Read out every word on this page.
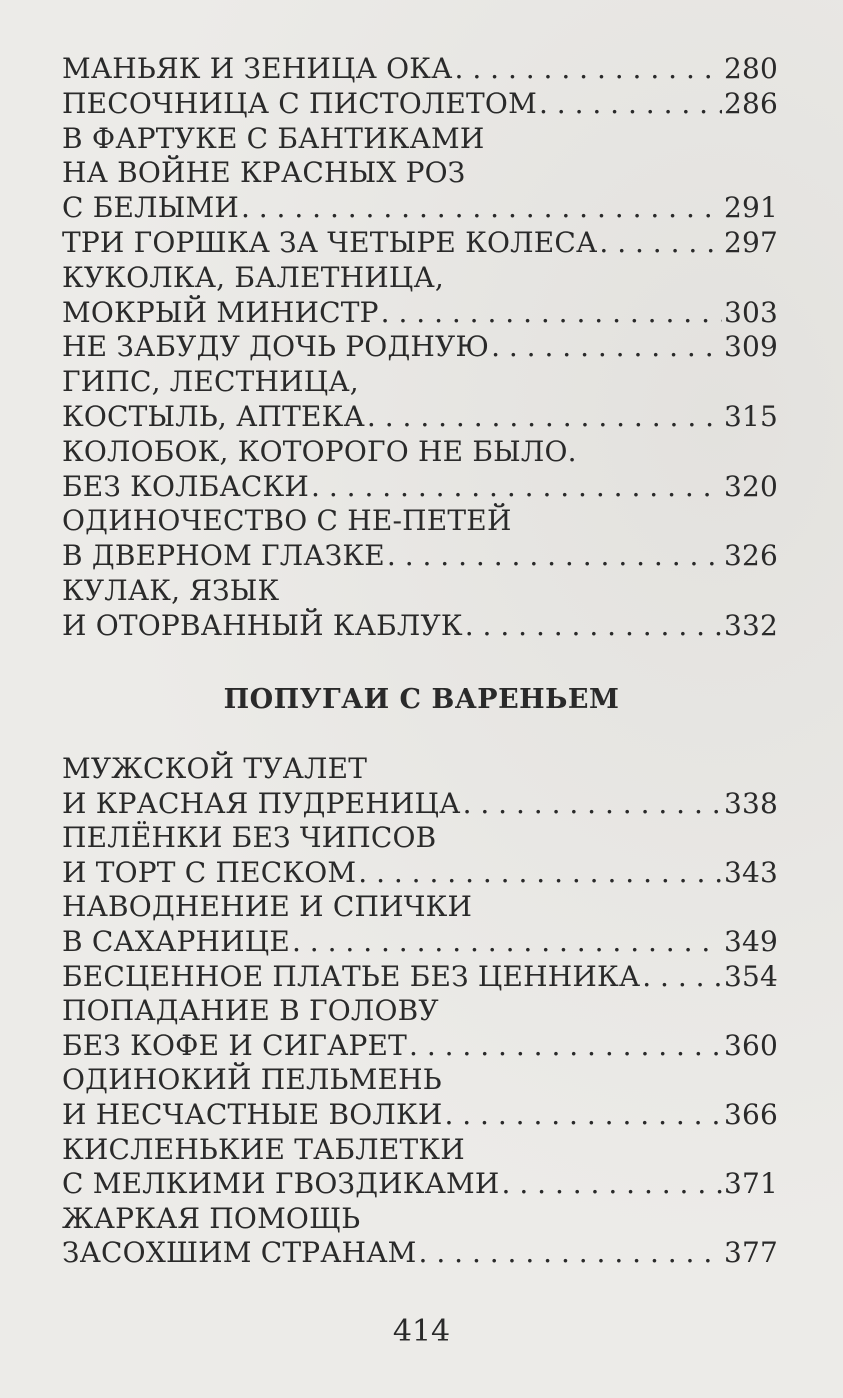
МАНЬЯК И ЗЕНИЦА ОКА . . .	280
ПЕСОЧНИЦА С ПИСТОЛЕТОМ . . .	286
В ФАРТУКЕ С БАНТИКАМИ
НА ВОЙНЕ КРАСНЫХ РОЗ
С БЕЛЫМИ . . .	291
ТРИ ГОРШКА ЗА ЧЕТЫРЕ КОЛЕСА . . .	297
КУКОЛКА, БАЛЕТНИЦА,
МОКРЫЙ МИНИСТР . . .	303
НЕ ЗАБУДУ ДОЧЬ РОДНУЮ . . .	309
ГИПС, ЛЕСТНИЦА,
КОСТЫЛЬ, АПТЕКА . . .	315
КОЛОБОК, КОТОРОГО НЕ БЫЛО.
БЕЗ КОЛБАСКИ . . .	320
ОДИНОЧЕСТВО С НЕ-ПЕТЕЙ
В ДВЕРНОМ ГЛАЗКЕ . . .	326
КУЛАК, ЯЗЫК
И ОТОРВАННЫЙ КАБЛУК . . .	332
ПОПУГАИ С ВАРЕНЬЕМ
МУЖСКОЙ ТУАЛЕТ
И КРАСНАЯ ПУДРЕНИЦА . . .	338
ПЕЛЁНКИ БЕЗ ЧИПСОВ
И ТОРТ С ПЕСКОМ . . .	343
НАВОДНЕНИЕ И СПИЧКИ
В САХАРНИЦЕ . . .	349
БЕСЦЕННОЕ ПЛАТЬЕ БЕЗ ЦЕННИКА . . .	354
ПОПАДАНИЕ В ГОЛОВУ
БЕЗ КОФЕ И СИГАРЕТ . . .	360
ОДИНОКИЙ ПЕЛЬМЕНЬ
И НЕСЧАСТНЫЕ ВОЛКИ . . .	366
КИСЛЕНЬКИЕ ТАБЛЕТКИ
С МЕЛКИМИ ГВОЗДИКАМИ . . .	371
ЖАРКАЯ ПОМОЩЬ
ЗАСОХШИМ СТРАНАМ . . .	377
414
